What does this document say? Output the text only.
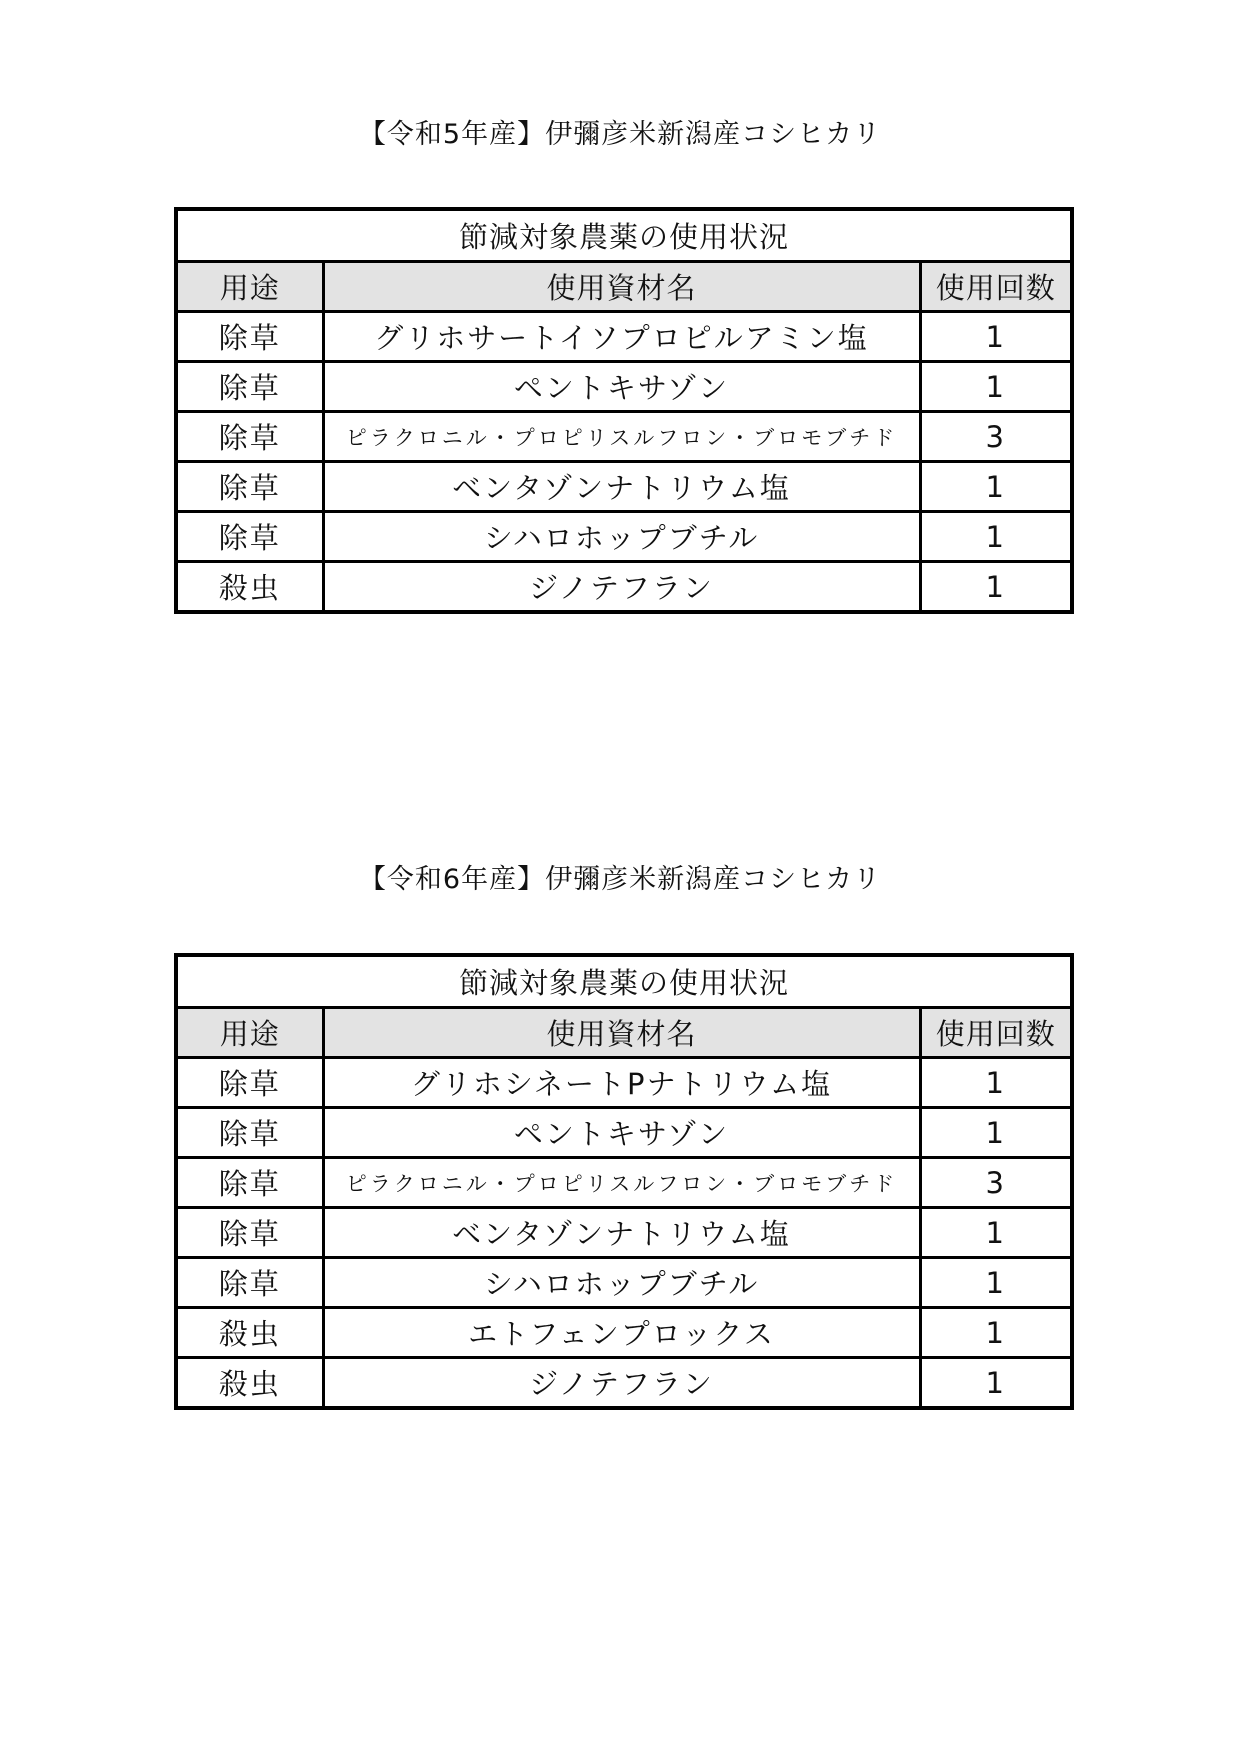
【令和5年産】伊彌彦米新潟産コシヒカリ
節減対象農薬の使用状況		
用途	使用資材名	使用回数
除草	グリホサートイソプロピルアミン塩	1
除草	ペントキサゾン	1
除草	ピラクロニル・プロピリスルフロン・ブロモブチド	3
除草	ベンタゾンナトリウム塩	1
除草	シハロホップブチル	1
殺虫	ジノテフラン	1
【令和6年産】伊彌彦米新潟産コシヒカリ
節減対象農薬の使用状況		
用途	使用資材名	使用回数
除草	グリホシネートPナトリウム塩	1
除草	ペントキサゾン	1
除草	ピラクロニル・プロピリスルフロン・ブロモブチド	3
除草	ベンタゾンナトリウム塩	1
除草	シハロホップブチル	1
殺虫	エトフェンプロックス	1
殺虫	ジノテフラン	1
